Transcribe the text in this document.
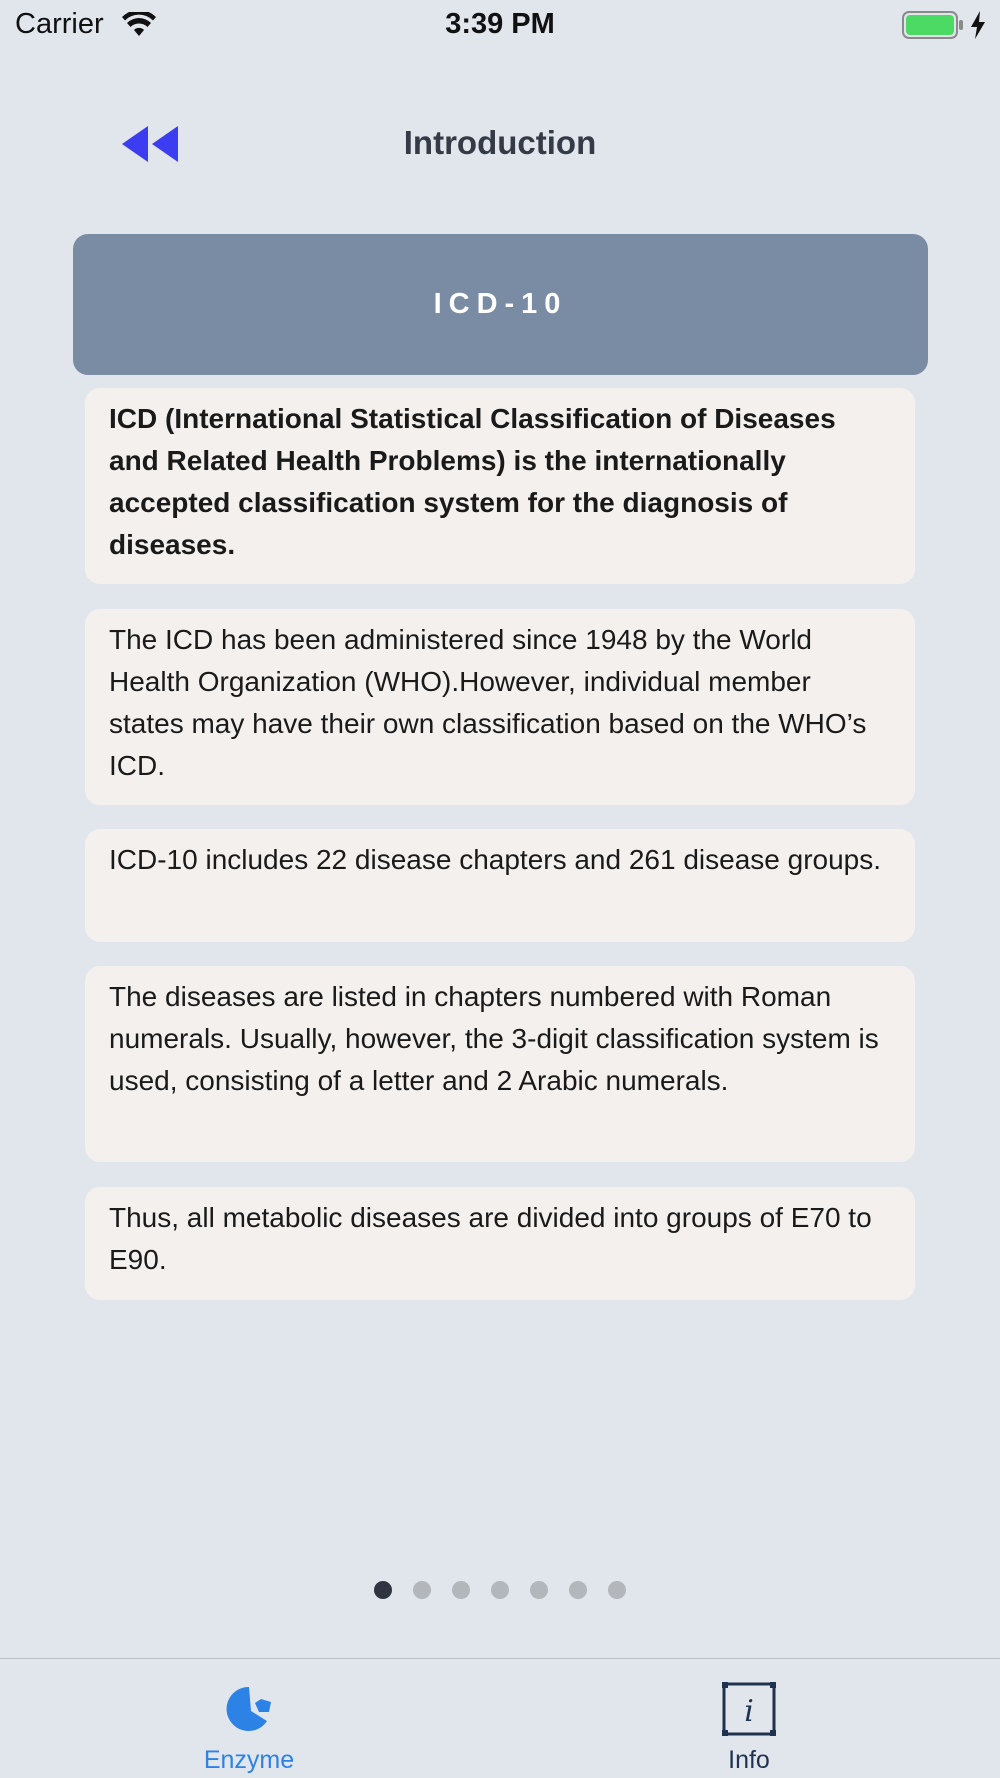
Carrier	3:39 PM
Introduction
ICD-10
ICD (International Statistical Classification of Diseases and Related Health Problems) is the internationally accepted classification system for the diagnosis of diseases.
The ICD has been administered since 1948 by the World Health Organization (WHO).However, individual member states may have their own classification based on the WHO’s ICD.
ICD-10 includes 22 disease chapters and 261 disease groups.
The diseases are listed in chapters numbered with Roman numerals. Usually, however, the 3-digit classification system is used, consisting of a letter and 2 Arabic numerals.
Thus, all metabolic diseases are divided into groups of E70 to E90.
Enzyme
i
Info
